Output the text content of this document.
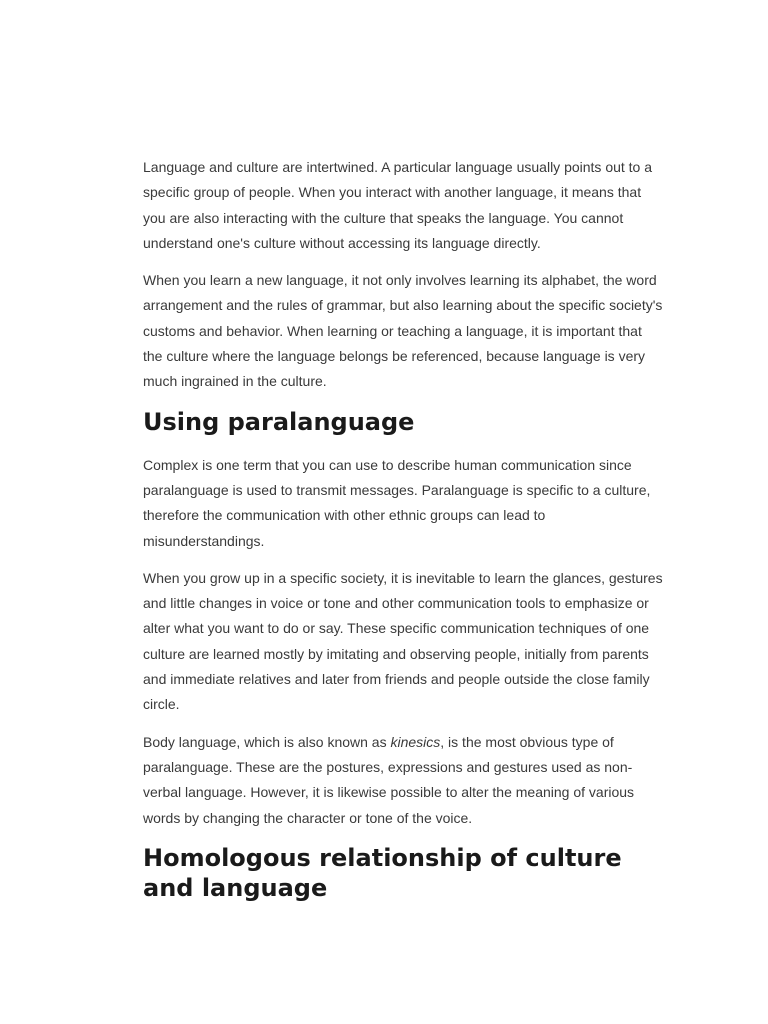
Language and culture are intertwined. A particular language usually points out to a specific group of people. When you interact with another language, it means that you are also interacting with the culture that speaks the language. You cannot understand one's culture without accessing its language directly.

When you learn a new language, it not only involves learning its alphabet, the word arrangement and the rules of grammar, but also learning about the specific society's customs and behavior. When learning or teaching a language, it is important that the culture where the language belongs be referenced, because language is very much ingrained in the culture.

Using paralanguage

Complex is one term that you can use to describe human communication since paralanguage is used to transmit messages. Paralanguage is specific to a culture, therefore the communication with other ethnic groups can lead to misunderstandings.

When you grow up in a specific society, it is inevitable to learn the glances, gestures and little changes in voice or tone and other communication tools to emphasize or alter what you want to do or say. These specific communication techniques of one culture are learned mostly by imitating and observing people, initially from parents and immediate relatives and later from friends and people outside the close family circle.

Body language, which is also known as kinesics, is the most obvious type of paralanguage. These are the postures, expressions and gestures used as non-verbal language. However, it is likewise possible to alter the meaning of various words by changing the character or tone of the voice.

Homologous relationship of culture and language
